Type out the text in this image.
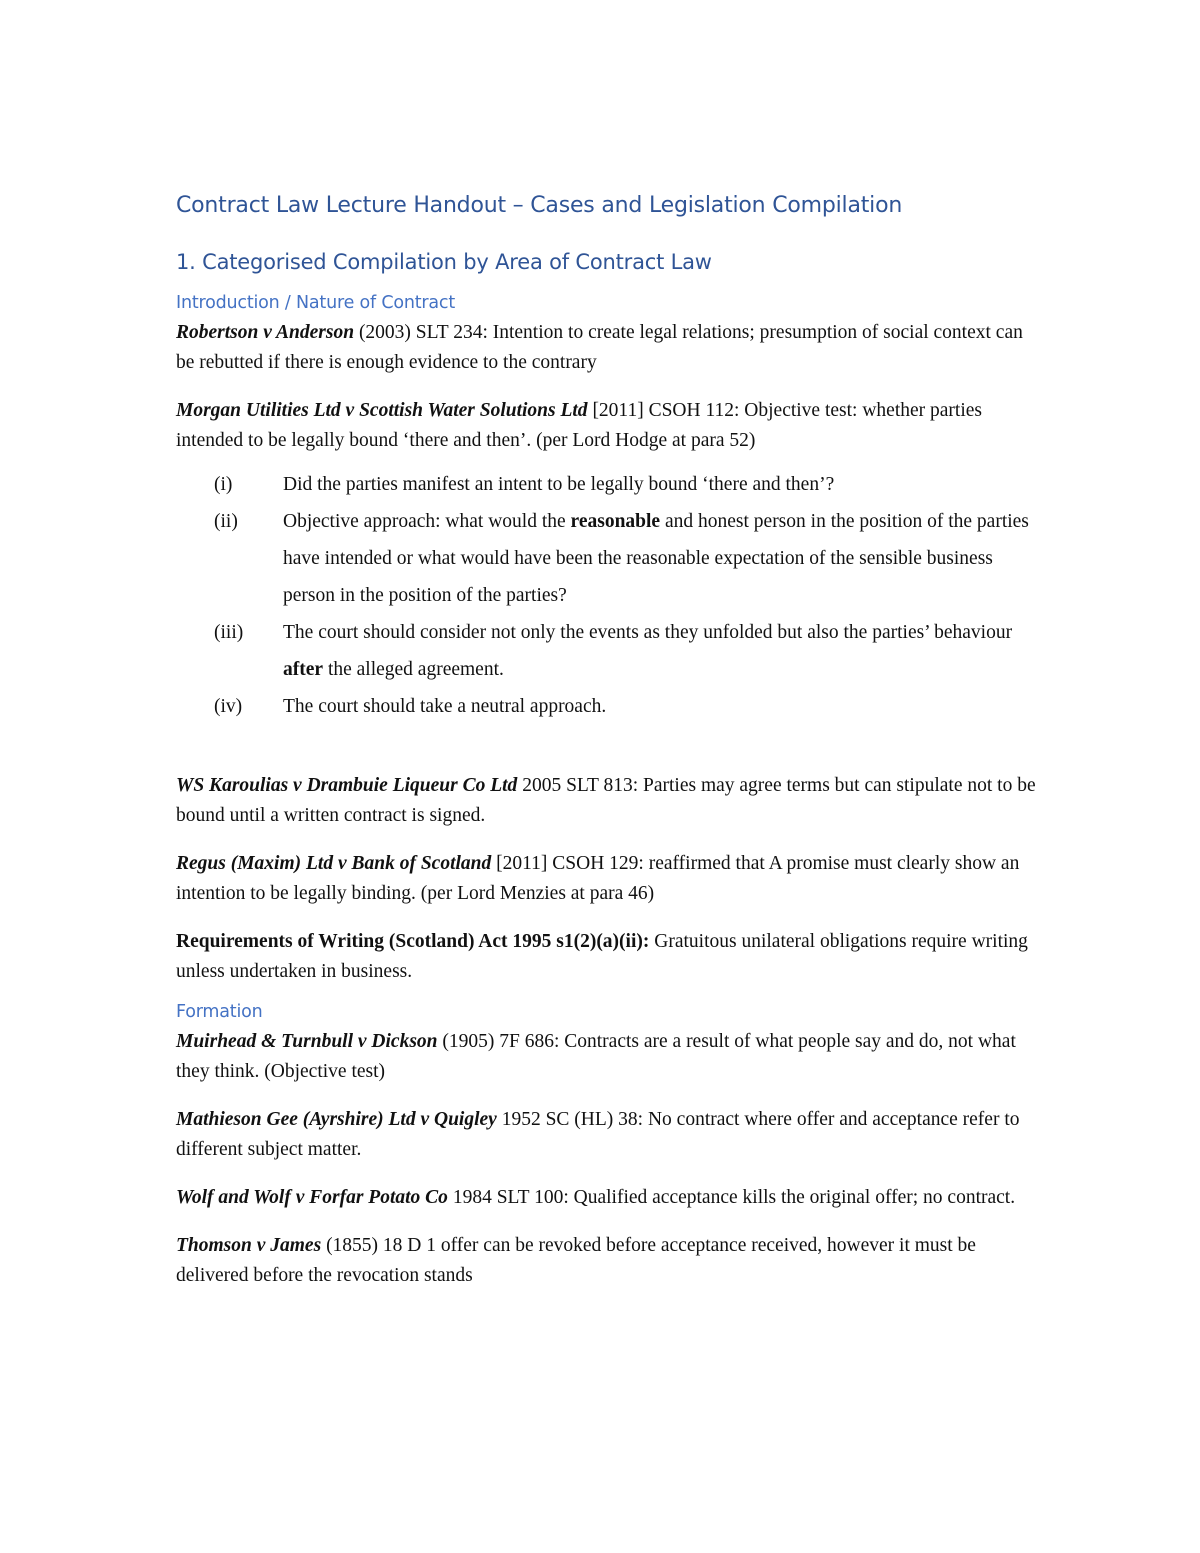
Contract Law Lecture Handout – Cases and Legislation Compilation
1. Categorised Compilation by Area of Contract Law
Introduction / Nature of Contract

Robertson v Anderson (2003) SLT 234: Intention to create legal relations; presumption of social context can be rebutted if there is enough evidence to the contrary

Morgan Utilities Ltd v Scottish Water Solutions Ltd [2011] CSOH 112: Objective test: whether parties intended to be legally bound ‘there and then’. (per Lord Hodge at para 52)

(i)	Did the parties manifest an intent to be legally bound ‘there and then’?
(ii)	Objective approach: what would the reasonable and honest person in the position of the parties have intended or what would have been the reasonable expectation of the sensible business person in the position of the parties?
(iii)	The court should consider not only the events as they unfolded but also the parties’ behaviour after the alleged agreement.
(iv)	The court should take a neutral approach.

WS Karoulias v Drambuie Liqueur Co Ltd 2005 SLT 813: Parties may agree terms but can stipulate not to be bound until a written contract is signed.

Regus (Maxim) Ltd v Bank of Scotland [2011] CSOH 129: reaffirmed that A promise must clearly show an intention to be legally binding. (per Lord Menzies at para 46)

Requirements of Writing (Scotland) Act 1995 s1(2)(a)(ii): Gratuitous unilateral obligations require writing unless undertaken in business.

Formation

Muirhead & Turnbull v Dickson (1905) 7F 686: Contracts are a result of what people say and do, not what they think. (Objective test)

Mathieson Gee (Ayrshire) Ltd v Quigley 1952 SC (HL) 38: No contract where offer and acceptance refer to different subject matter.

Wolf and Wolf v Forfar Potato Co 1984 SLT 100: Qualified acceptance kills the original offer; no contract.

Thomson v James (1855) 18 D 1 offer can be revoked before acceptance received, however it must be delivered before the revocation stands
